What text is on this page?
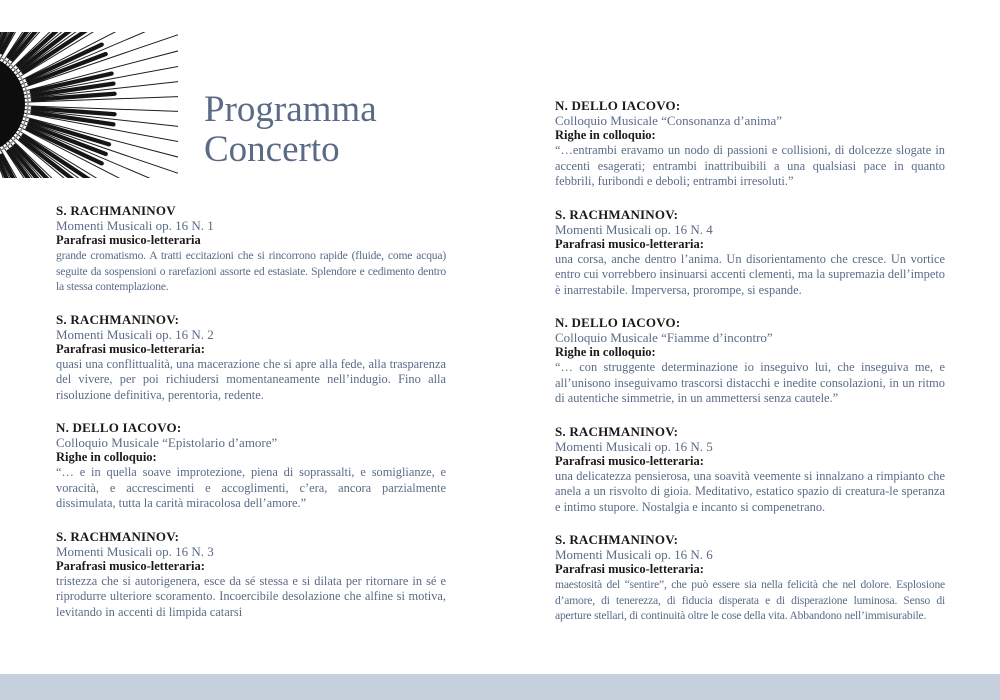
Programma
Concerto
S. RACHMANINOV
Momenti Musicali op. 16 N. 1
Parafrasi musico-letteraria
grande cromatismo. A tratti eccitazioni che si rincorrono rapide (fluide, come acqua) seguite da sospensioni o rarefazioni assorte ed estasiate. Splendore e cedimento dentro la stessa contemplazione.
S. RACHMANINOV:
Momenti Musicali op. 16 N. 2
Parafrasi musico-letteraria:
quasi una conflittualità, una macerazione che si apre alla fede, alla trasparenza del vivere, per poi richiudersi momentaneamente nell’indugio. Fino alla risoluzione definitiva, perentoria, redente.
N. DELLO IACOVO:
Colloquio Musicale “Epistolario d’amore”
Righe in colloquio:
“… e in quella soave improtezione, piena di soprassalti, e somiglianze, e voracità, e accrescimenti e accoglimenti, c’era, ancora parzialmente dissimulata, tutta la carità miracolosa dell’amore.”
S. RACHMANINOV:
Momenti Musicali op. 16 N. 3
Parafrasi musico-letteraria:
tristezza che si autorigenera, esce da sé stessa e si dilata per ritornare in sé e riprodurre ulteriore scoramento. Incoercibile desolazione che alfine si motiva, levitando in accenti di limpida catarsi
N. DELLO IACOVO:
Colloquio Musicale “Consonanza d’anima”
Righe in colloquio:
“…entrambi eravamo un nodo di passioni e collisioni, di dolcezze slogate in accenti esagerati; entrambi inattribuibili a una qualsiasi pace in quanto febbrili, furibondi e deboli; entrambi irresoluti.”
S. RACHMANINOV:
Momenti Musicali op. 16 N. 4
Parafrasi musico-letteraria:
una corsa, anche dentro l’anima. Un disorientamento che cresce. Un vortice entro cui vorrebbero insinuarsi accenti clementi, ma la supremazia dell’impeto è inarrestabile. Imperversa, prorompe, si espande.
N. DELLO IACOVO:
Colloquio Musicale “Fiamme d’incontro”
Righe in colloquio:
“… con struggente determinazione io inseguivo lui, che inseguiva me, e all’unisono inseguivamo trascorsi distacchi e inedite consolazioni, in un ritmo di autentiche simmetrie, in un ammettersi senza cautele.”
S. RACHMANINOV:
Momenti Musicali op. 16 N. 5
Parafrasi musico-letteraria:
una delicatezza pensierosa, una soavità veemente si innalzano a rimpianto che anela a un risvolto di gioia. Meditativo, estatico spazio di creatura-le speranza e intimo stupore. Nostalgia e incanto si compenetrano.
S. RACHMANINOV:
Momenti Musicali op. 16 N. 6
Parafrasi musico-letteraria:
maestosità del “sentire”, che può essere sia nella felicità che nel dolore. Esplosione d’amore, di tenerezza, di fiducia disperata e di disperazione luminosa. Senso di aperture stellari, di continuità oltre le cose della vita. Abbandono nell’immisurabile.
